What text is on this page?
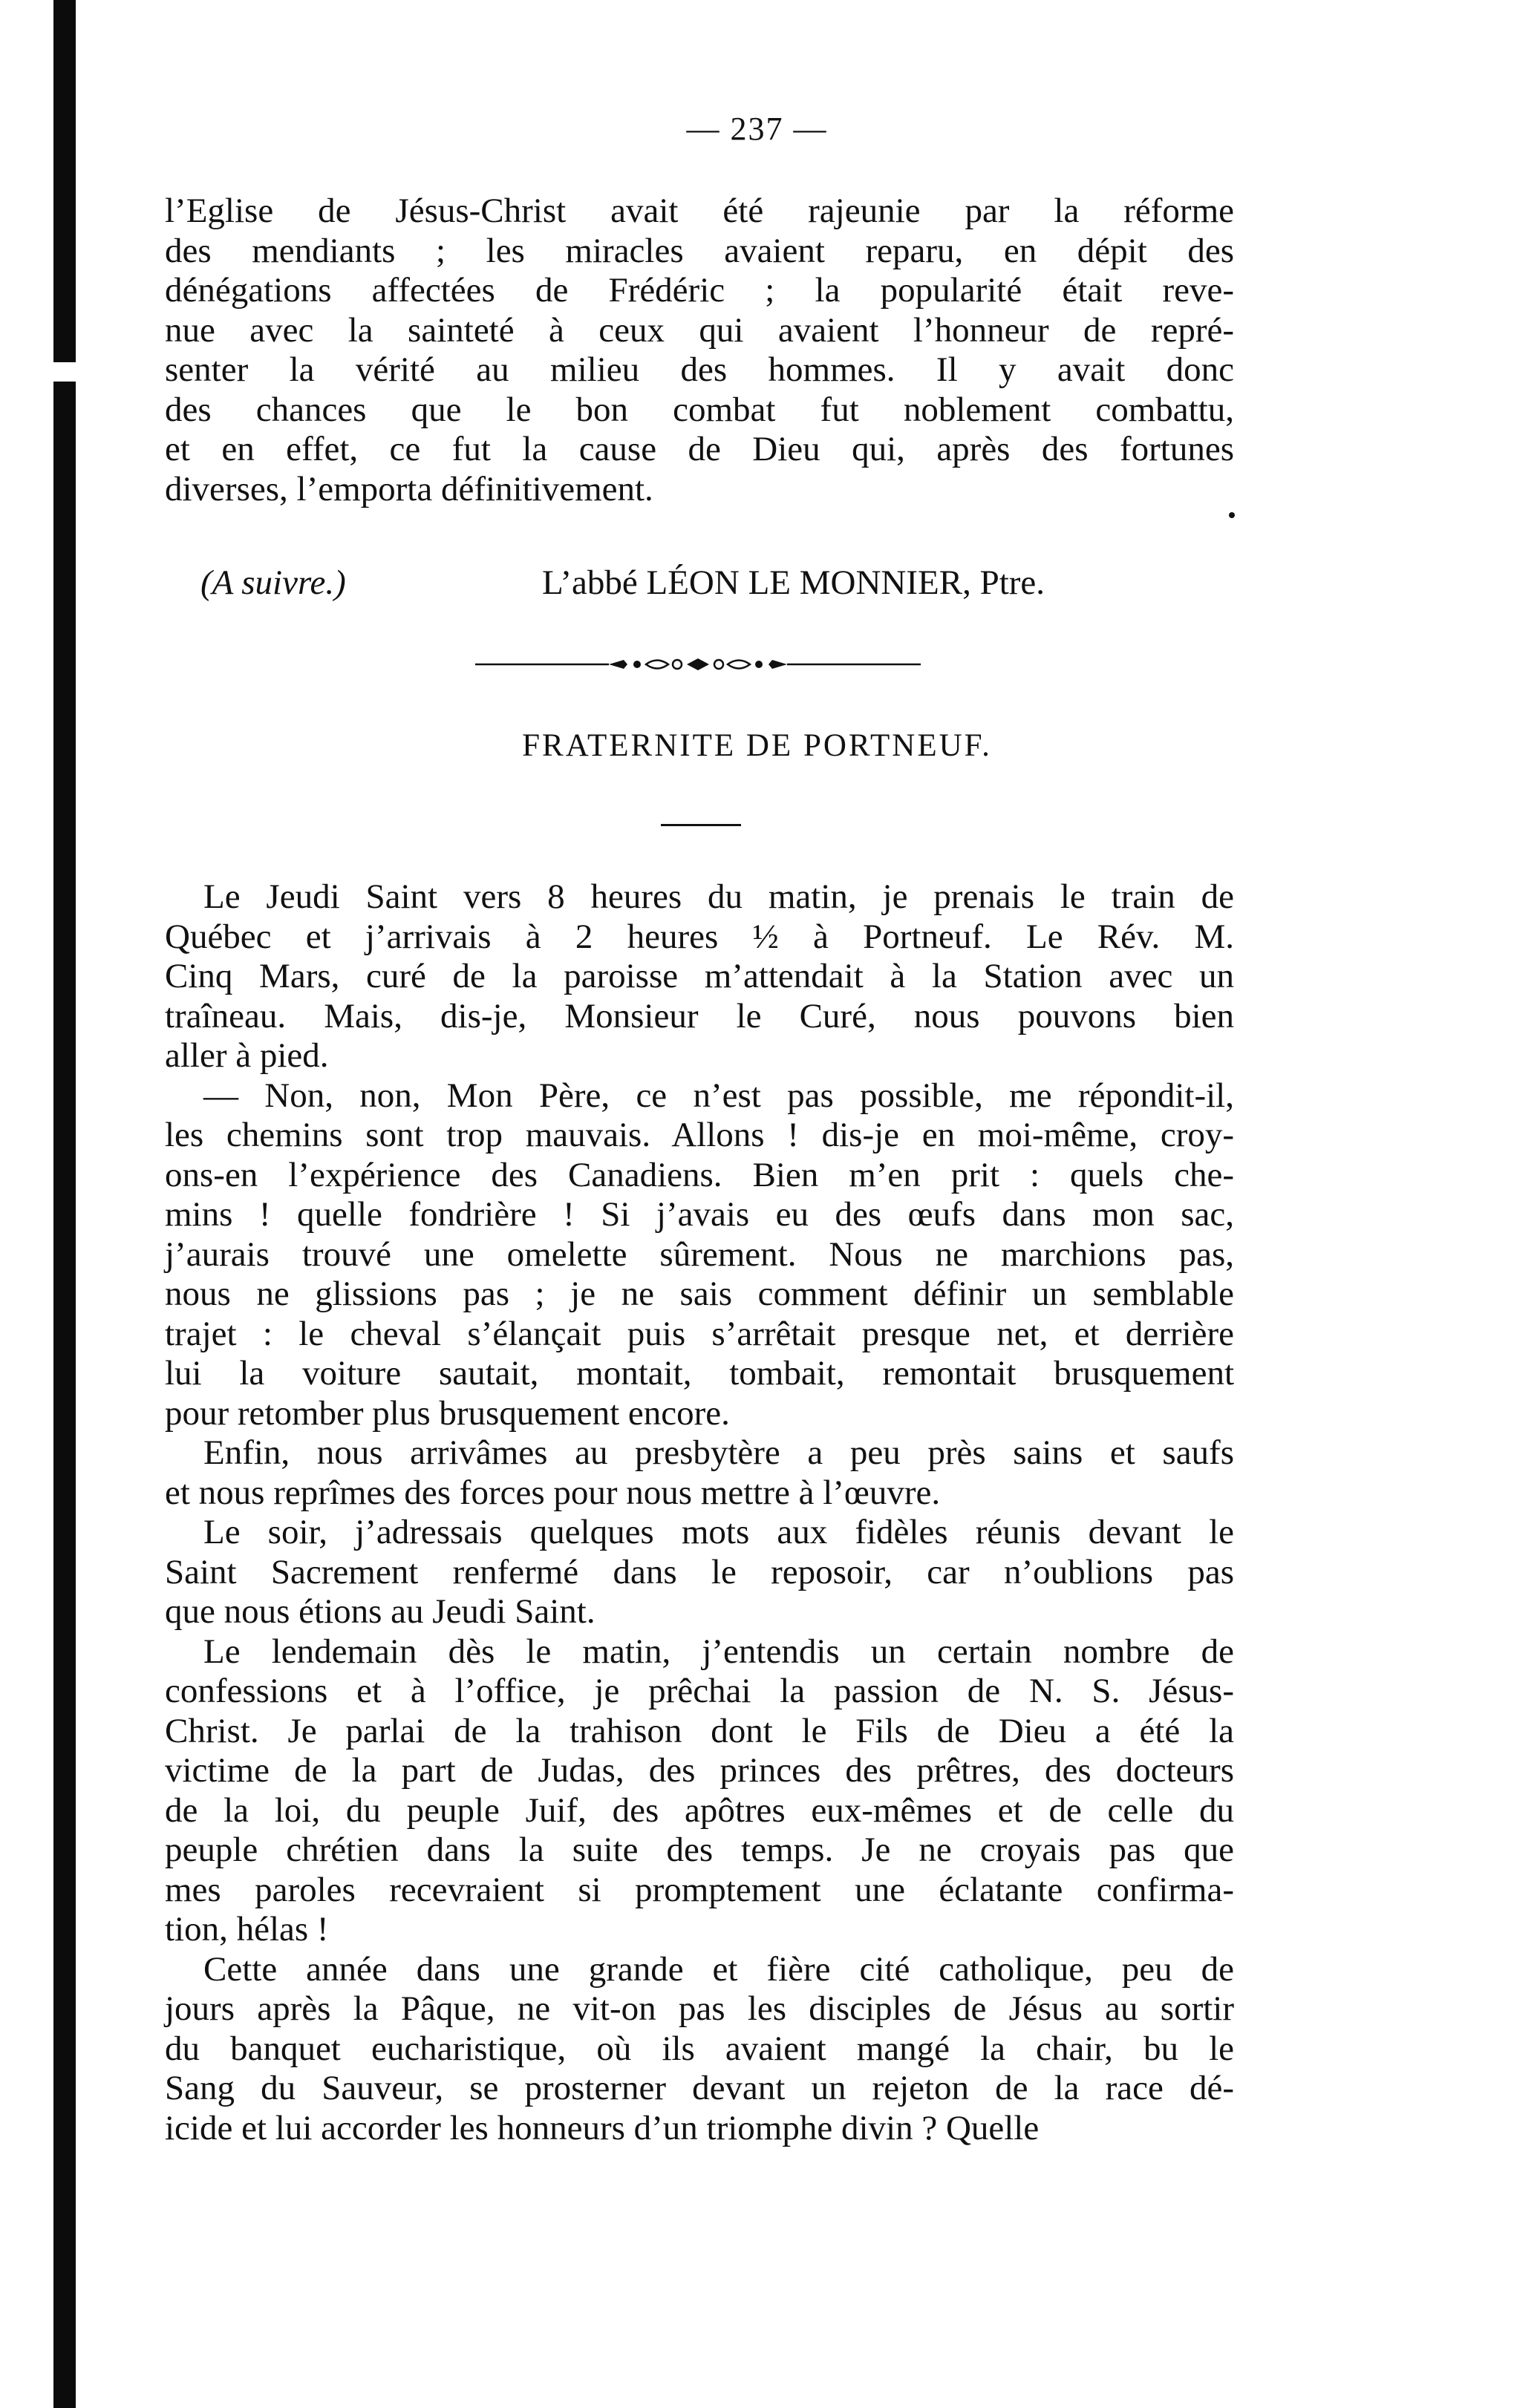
— 237 —
l’Eglise de Jésus-Christ avait été rajeunie par la réforme
des mendiants ; les miracles avaient reparu, en dépit des
dénégations affectées de Frédéric ; la popularité était reve-
nue avec la sainteté à ceux qui avaient l’honneur de repré-
senter la vérité au milieu des hommes. Il y avait donc
des chances que le bon combat fut noblement combattu,
et en effet, ce fut la cause de Dieu qui, après des fortunes
diverses, l’emporta définitivement.
(A suivre.)	L’abbé LÉON LE MONNIER, Ptre.
FRATERNITE DE PORTNEUF.
Le Jeudi Saint vers 8 heures du matin, je prenais le train de
Québec et j’arrivais à 2 heures ½ à Portneuf. Le Rév. M.
Cinq Mars, curé de la paroisse m’attendait à la Station avec un
traîneau. Mais, dis-je, Monsieur le Curé, nous pouvons bien
aller à pied.
— Non, non, Mon Père, ce n’est pas possible, me répondit-il,
les chemins sont trop mauvais. Allons ! dis-je en moi-même, croy-
ons-en l’expérience des Canadiens. Bien m’en prit : quels che-
mins ! quelle fondrière ! Si j’avais eu des œufs dans mon sac,
j’aurais trouvé une omelette sûrement. Nous ne marchions pas,
nous ne glissions pas ; je ne sais comment définir un semblable
trajet : le cheval s’élançait puis s’arrêtait presque net, et derrière
lui la voiture sautait, montait, tombait, remontait brusquement
pour retomber plus brusquement encore.
Enfin, nous arrivâmes au presbytère a peu près sains et saufs
et nous reprîmes des forces pour nous mettre à l’œuvre.
Le soir, j’adressais quelques mots aux fidèles réunis devant le
Saint Sacrement renfermé dans le reposoir, car n’oublions pas
que nous étions au Jeudi Saint.
Le lendemain dès le matin, j’entendis un certain nombre de
confessions et à l’office, je prêchai la passion de N. S. Jésus-
Christ. Je parlai de la trahison dont le Fils de Dieu a été la
victime de la part de Judas, des princes des prêtres, des docteurs
de la loi, du peuple Juif, des apôtres eux-mêmes et de celle du
peuple chrétien dans la suite des temps. Je ne croyais pas que
mes paroles recevraient si promptement une éclatante confirma-
tion, hélas !
Cette année dans une grande et fière cité catholique, peu de
jours après la Pâque, ne vit-on pas les disciples de Jésus au sortir
du banquet eucharistique, où ils avaient mangé la chair, bu le
Sang du Sauveur, se prosterner devant un rejeton de la race dé-
icide et lui accorder les honneurs d’un triomphe divin ? Quelle
